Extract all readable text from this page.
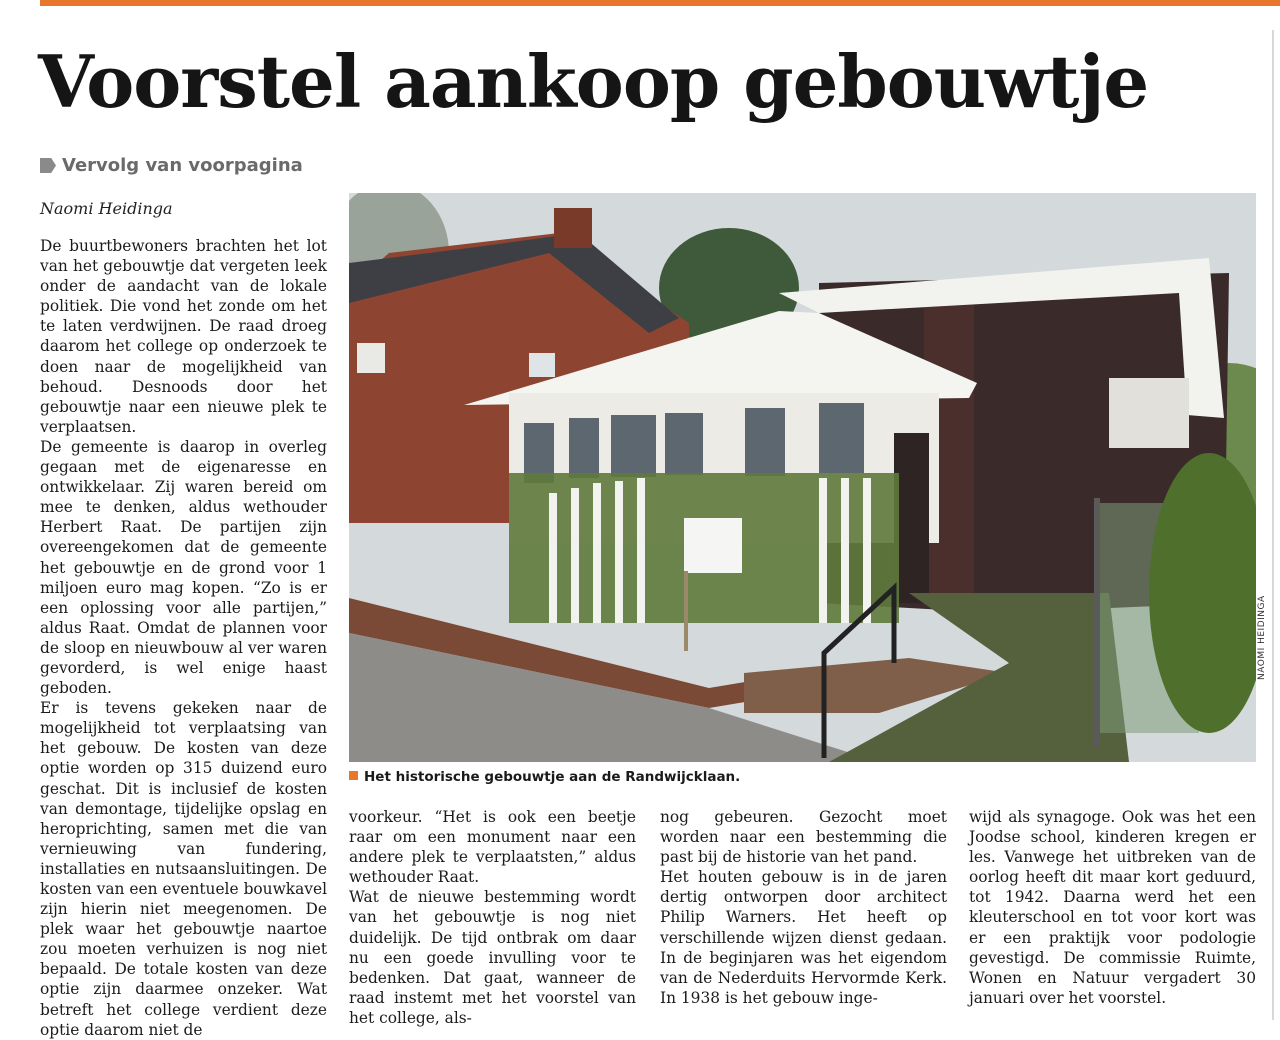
Voorstel aankoop gebouwtje
Vervolg van voorpagina
Naomi Heidinga

De buurtbewoners brachten het lot van het gebouwtje dat vergeten leek onder de aandacht van de lokale politiek. Die vond het zonde om het te laten verdwijnen. De raad droeg daarom het college op onderzoek te doen naar de mogelijkheid van behoud. Desnoods door het gebouwtje naar een nieuwe plek te verplaatsen.

De gemeente is daarop in overleg gegaan met de eigenaresse en ontwikkelaar. Zij waren bereid om mee te denken, aldus wethouder Herbert Raat. De partijen zijn overeengekomen dat de gemeente het gebouwtje en de grond voor 1 miljoen euro mag kopen. “Zo is er een oplossing voor alle partijen,” aldus Raat. Omdat de plannen voor de sloop en nieuwbouw al ver waren gevorderd, is wel enige haast geboden.

Er is tevens gekeken naar de mogelijkheid tot verplaatsing van het gebouw. De kosten van deze optie worden op 315 duizend euro geschat. Dit is inclusief de kosten van demontage, tijdelijke opslag en heroprichting, samen met die van vernieuwing van fundering, installaties en nutsaansluitingen. De kosten van een eventuele bouwkavel zijn hierin niet meegenomen. De plek waar het gebouwtje naartoe zou moeten verhuizen is nog niet bepaald. De totale kosten van deze optie zijn daarmee onzeker. Wat betreft het college verdient deze optie daarom niet de

NAOMI HEIDINGA
Het historische gebouwtje aan de Randwijcklaan.

voorkeur. “Het is ook een beetje raar om een monument naar een andere plek te verplaatsten,” aldus wethouder Raat.

Wat de nieuwe bestemming wordt van het gebouwtje is nog niet duidelijk. De tijd ontbrak om daar nu een goede invulling voor te bedenken. Dat gaat, wanneer de raad instemt met het voorstel van het college, als-

nog gebeuren. Gezocht moet worden naar een bestemming die past bij de historie van het pand.

Het houten gebouw is in de jaren dertig ontworpen door architect Philip Warners. Het heeft op verschillende wijzen dienst gedaan. In de beginjaren was het eigendom van de Nederduits Hervormde Kerk. In 1938 is het gebouw inge-

wijd als synagoge. Ook was het een Joodse school, kinderen kregen er les. Vanwege het uitbreken van de oorlog heeft dit maar kort geduurd, tot 1942. Daarna werd het een kleuterschool en tot voor kort was er een praktijk voor podologie gevestigd. De commissie Ruimte, Wonen en Natuur vergadert 30 januari over het voorstel.
